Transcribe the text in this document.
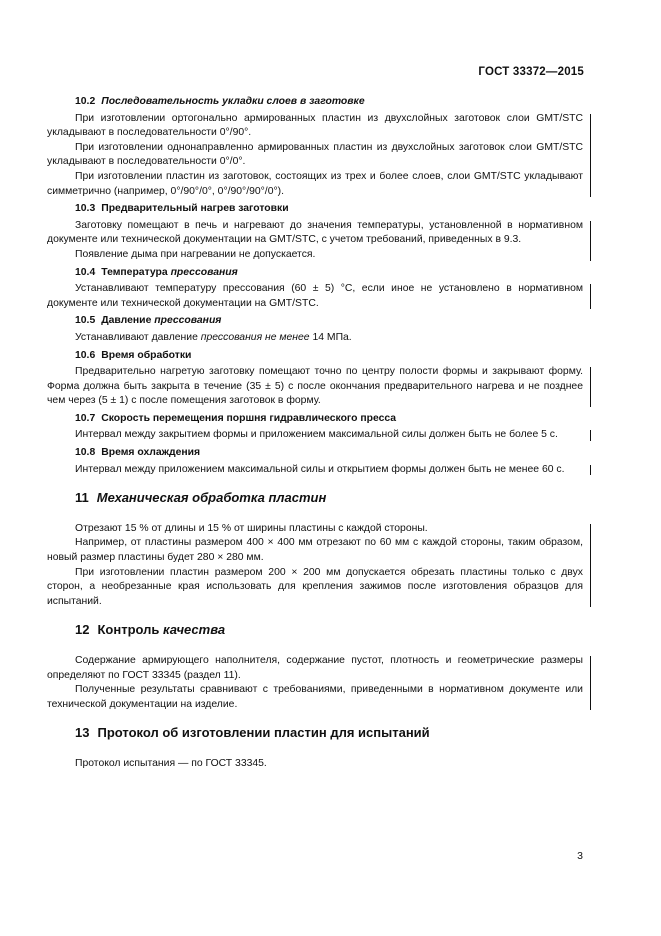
ГОСТ 33372—2015
10.2 Последовательность укладки слоев в заготовке

При изготовлении ортогонально армированных пластин из двухслойных заготовок слои GMT/STC укладывают в последовательности 0°/90°.

При изготовлении однонаправленно армированных пластин из двухслойных заготовок слои GMT/STC укладывают в последовательности 0°/0°.

При изготовлении пластин из заготовок, состоящих из трех и более слоев, слои GMT/STC укладывают симметрично (например, 0°/90°/0°, 0°/90°/90°/0°).

10.3 Предварительный нагрев заготовки

Заготовку помещают в печь и нагревают до значения температуры, установленной в нормативном документе или технической документации на GMT/STC, с учетом требований, приведенных в 9.3.

Появление дыма при нагревании не допускается.

10.4 Температура прессования

Устанавливают температуру прессования (60 ± 5) °С, если иное не установлено в нормативном документе или технической документации на GMT/STC.

10.5 Давление прессования

Устанавливают давление прессования не менее 14 МПа.

10.6 Время обработки

Предварительно нагретую заготовку помещают точно по центру полости формы и закрывают форму. Форма должна быть закрыта в течение (35 ± 5) с после окончания предварительного нагрева и не позднее чем через (5 ± 1) с после помещения заготовок в форму.

10.7 Скорость перемещения поршня гидравлического пресса

Интервал между закрытием формы и приложением максимальной силы должен быть не более 5 с.

10.8 Время охлаждения

Интервал между приложением максимальной силы и открытием формы должен быть не менее 60 с.

11 Механическая обработка пластин

Отрезают 15 % от длины и 15 % от ширины пластины с каждой стороны.

Например, от пластины размером 400 × 400 мм отрезают по 60 мм с каждой стороны, таким образом, новый размер пластины будет 280 × 280 мм.

При изготовлении пластин размером 200 × 200 мм допускается обрезать пластины только с двух сторон, а необрезанные края использовать для крепления зажимов после изготовления образцов для испытаний.

12 Контроль качества

Содержание армирующего наполнителя, содержание пустот, плотность и геометрические размеры определяют по ГОСТ 33345 (раздел 11).

Полученные результаты сравнивают с требованиями, приведенными в нормативном документе или технической документации на изделие.

13 Протокол об изготовлении пластин для испытаний

Протокол испытания — по ГОСТ 33345.

3
